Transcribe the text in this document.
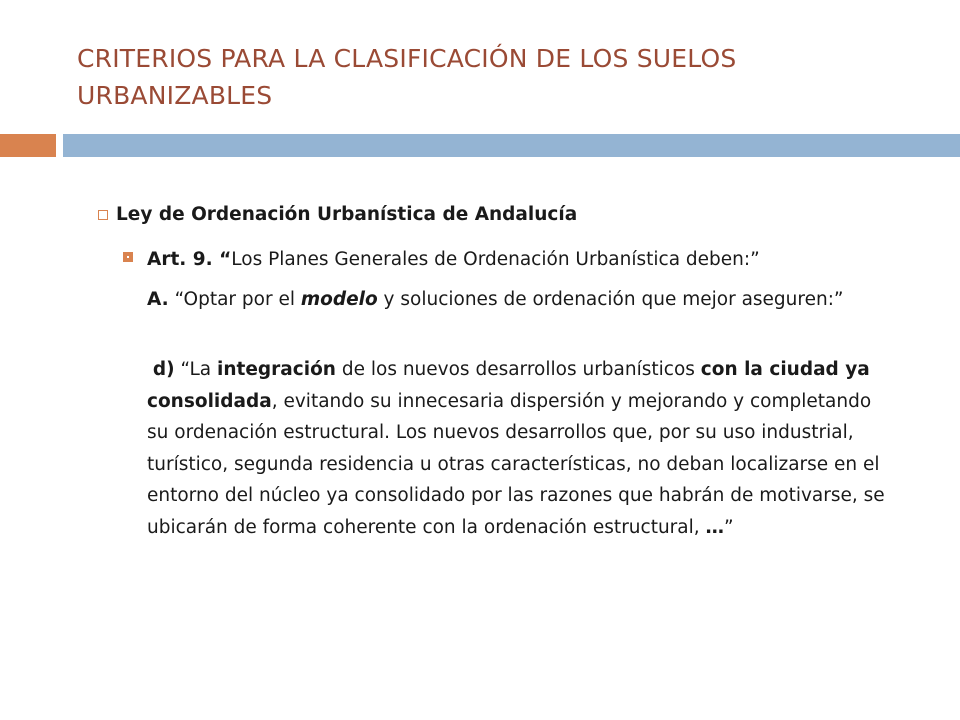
CRITERIOS PARA LA CLASIFICACIÓN DE LOS SUELOS URBANIZABLES
Ley de Ordenación Urbanística de Andalucía
Art. 9. “Los Planes Generales de Ordenación Urbanística deben:”
A. “Optar por el modelo y soluciones de ordenación que mejor aseguren:”
d) “La integración de los nuevos desarrollos urbanísticos con la ciudad ya consolidada, evitando su innecesaria dispersión y mejorando y completando su ordenación estructural. Los nuevos desarrollos que, por su uso industrial, turístico, segunda residencia u otras características, no deban localizarse en el entorno del núcleo ya consolidado por las razones que habrán de motivarse, se ubicarán de forma coherente con la ordenación estructural, …”
